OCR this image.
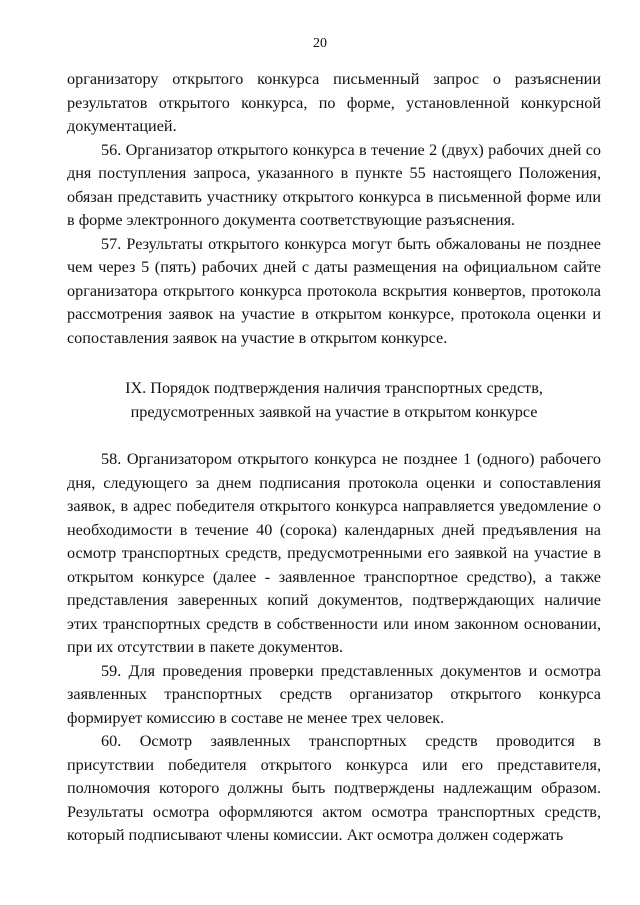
20

организатору открытого конкурса письменный запрос о разъяснении результатов открытого конкурса, по форме, установленной конкурсной документацией.

56. Организатор открытого конкурса в течение 2 (двух) рабочих дней со дня поступления запроса, указанного в пункте 55 настоящего Положения, обязан представить участнику открытого конкурса в письменной форме или в форме электронного документа соответствующие разъяснения.

57. Результаты открытого конкурса могут быть обжалованы не позднее чем через 5 (пять) рабочих дней с даты размещения на официальном сайте организатора открытого конкурса протокола вскрытия конвертов, протокола рассмотрения заявок на участие в открытом конкурсе, протокола оценки и сопоставления заявок на участие в открытом конкурсе.

IX. Порядок подтверждения наличия транспортных средств,
предусмотренных заявкой на участие в открытом конкурсе

58. Организатором открытого конкурса не позднее 1 (одного) рабочего дня, следующего за днем подписания протокола оценки и сопоставления заявок, в адрес победителя открытого конкурса направляется уведомление о необходимости в течение 40 (сорока) календарных дней предъявления на осмотр транспортных средств, предусмотренными его заявкой на участие в открытом конкурсе (далее - заявленное транспортное средство), а также представления заверенных копий документов, подтверждающих наличие этих транспортных средств в собственности или ином законном основании, при их отсутствии в пакете документов.

59. Для проведения проверки представленных документов и осмотра заявленных транспортных средств организатор открытого конкурса формирует комиссию в составе не менее трех человек.

60. Осмотр заявленных транспортных средств проводится в присутствии победителя открытого конкурса или его представителя, полномочия которого должны быть подтверждены надлежащим образом. Результаты осмотра оформляются актом осмотра транспортных средств, который подписывают члены комиссии. Акт осмотра должен содержать
